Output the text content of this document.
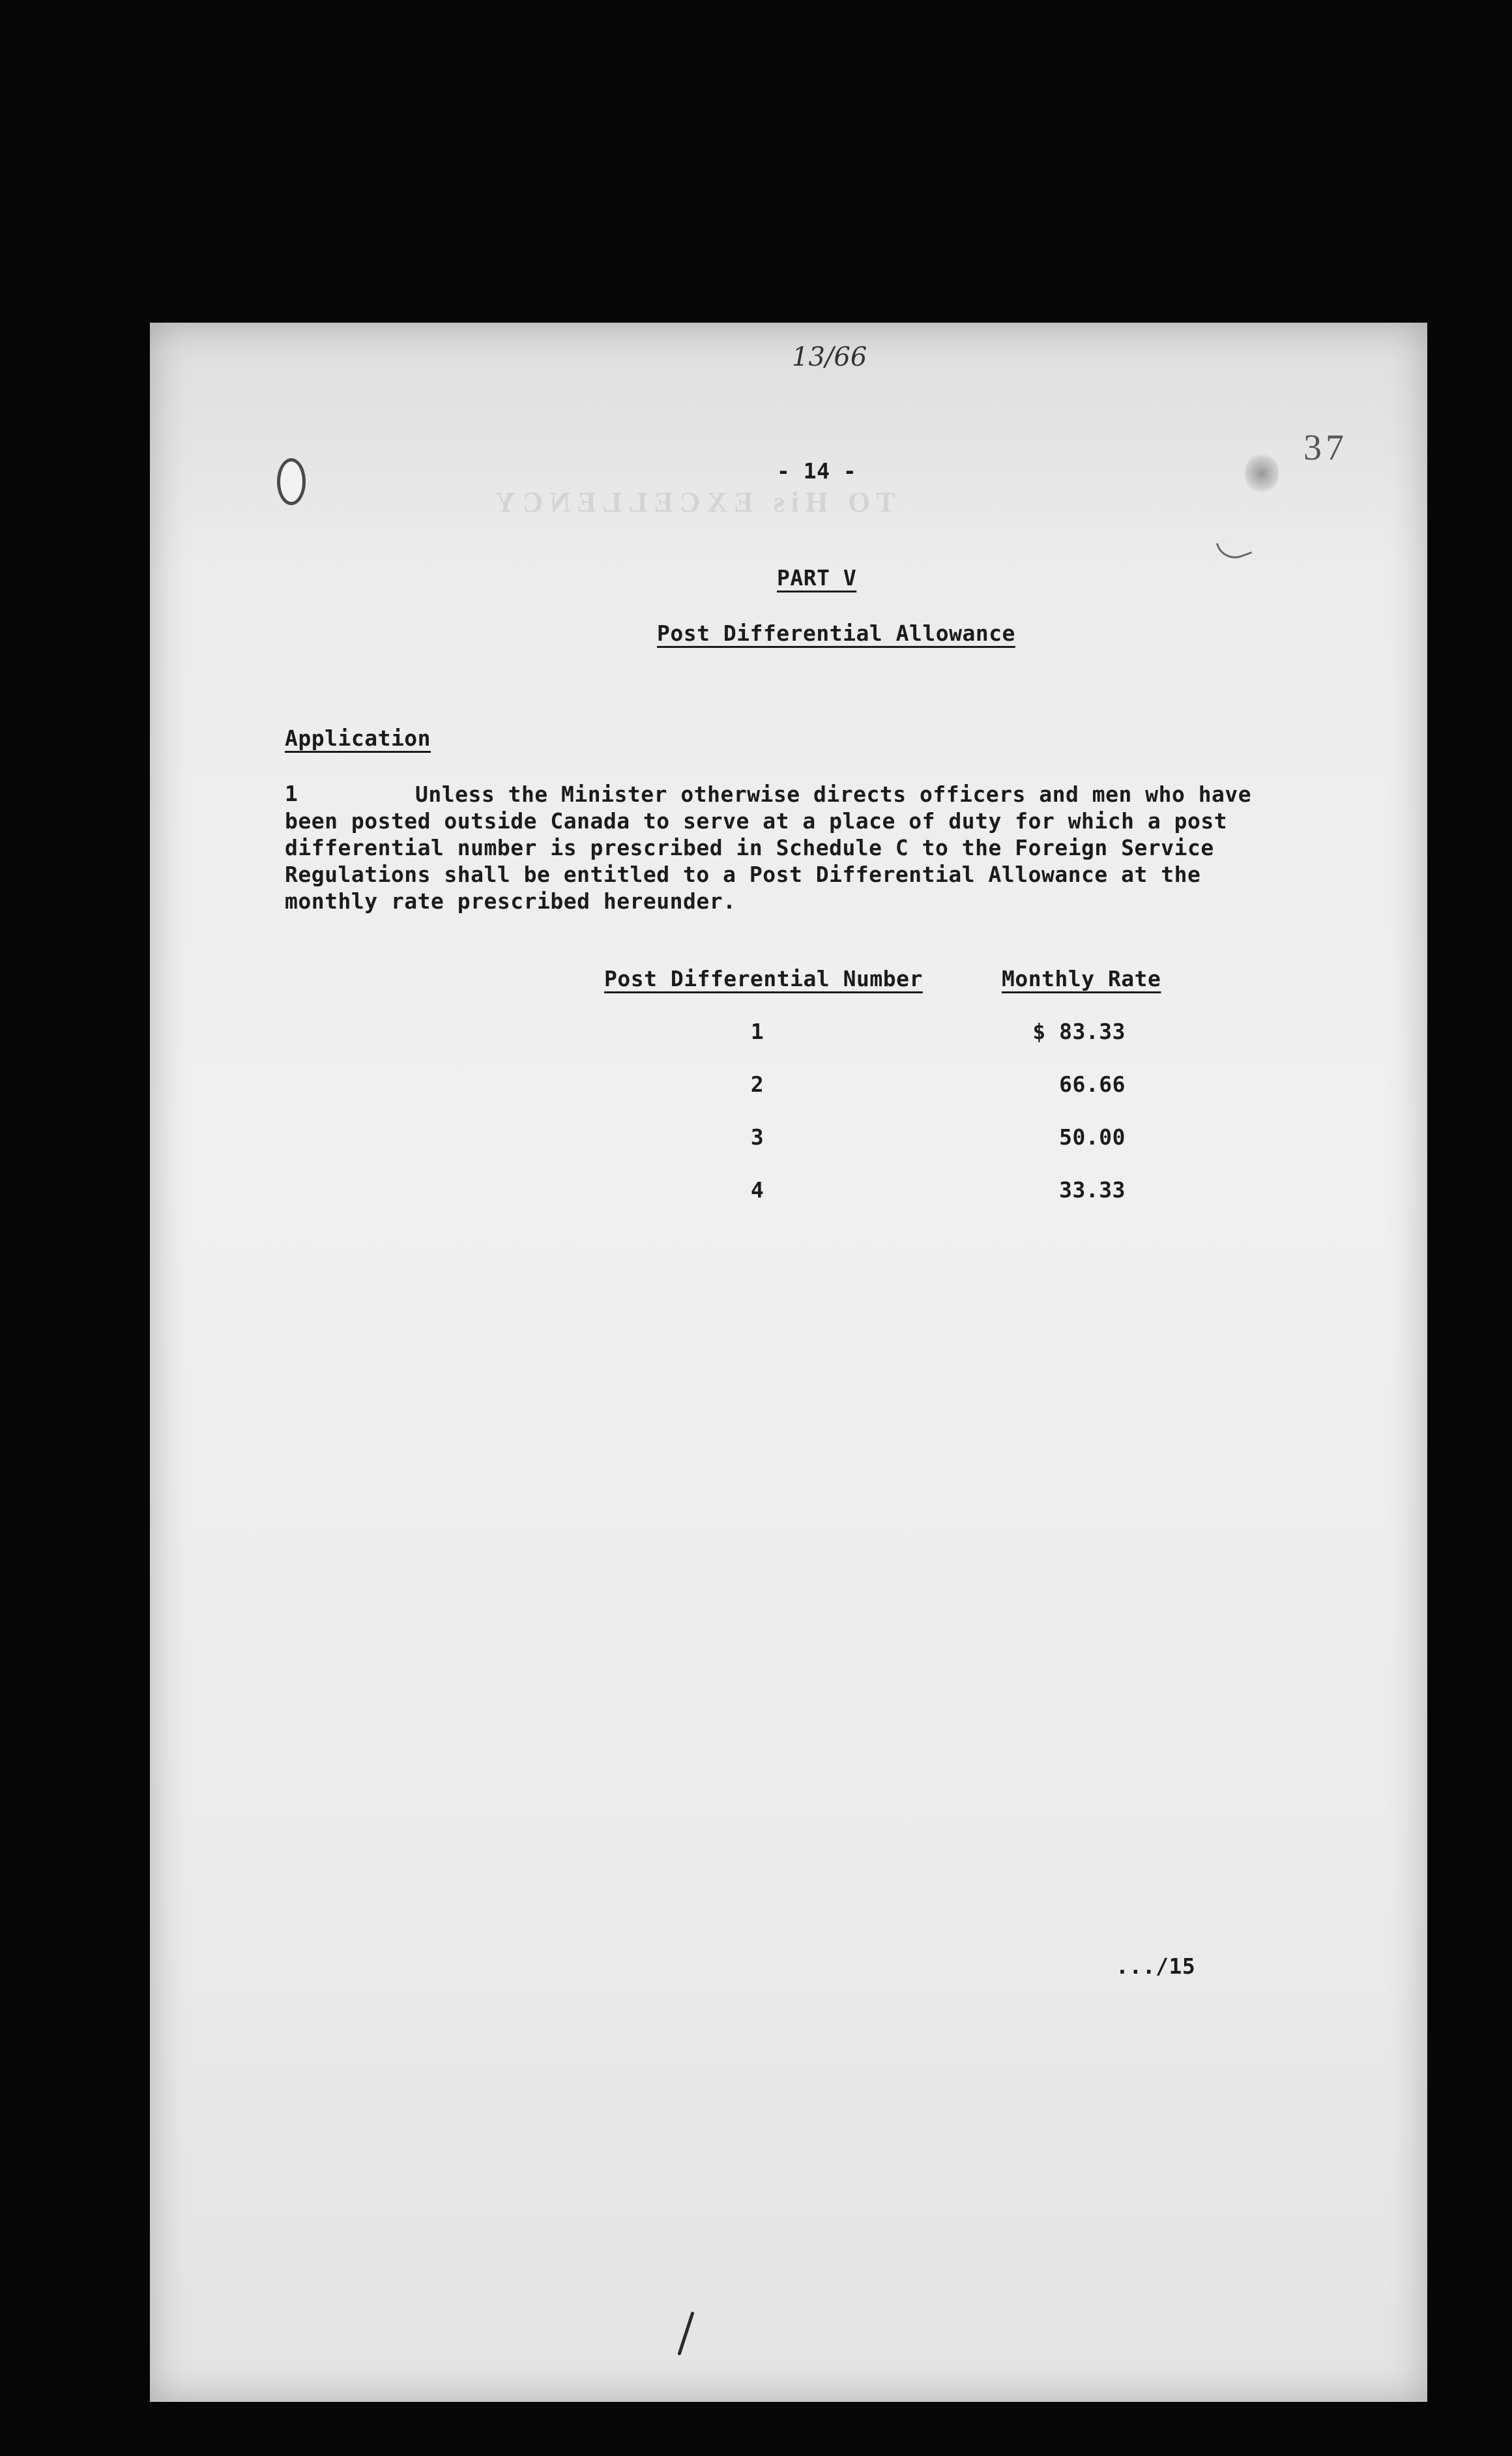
TO His EXCELLENCY
13/66
37
- 14 -
PART V
Post Differential Allowance
Application
1	Unless the Minister otherwise directs officers and men who have

been posted outside Canada to serve at a place of duty for which a post

differential number is prescribed in Schedule C to the Foreign Service

Regulations shall be entitled to a Post Differential Allowance at the

monthly rate prescribed hereunder.

Post Differential Number	Monthly Rate
1	$ 83.33
2	66.66
3	50.00
4	33.33
.../15
